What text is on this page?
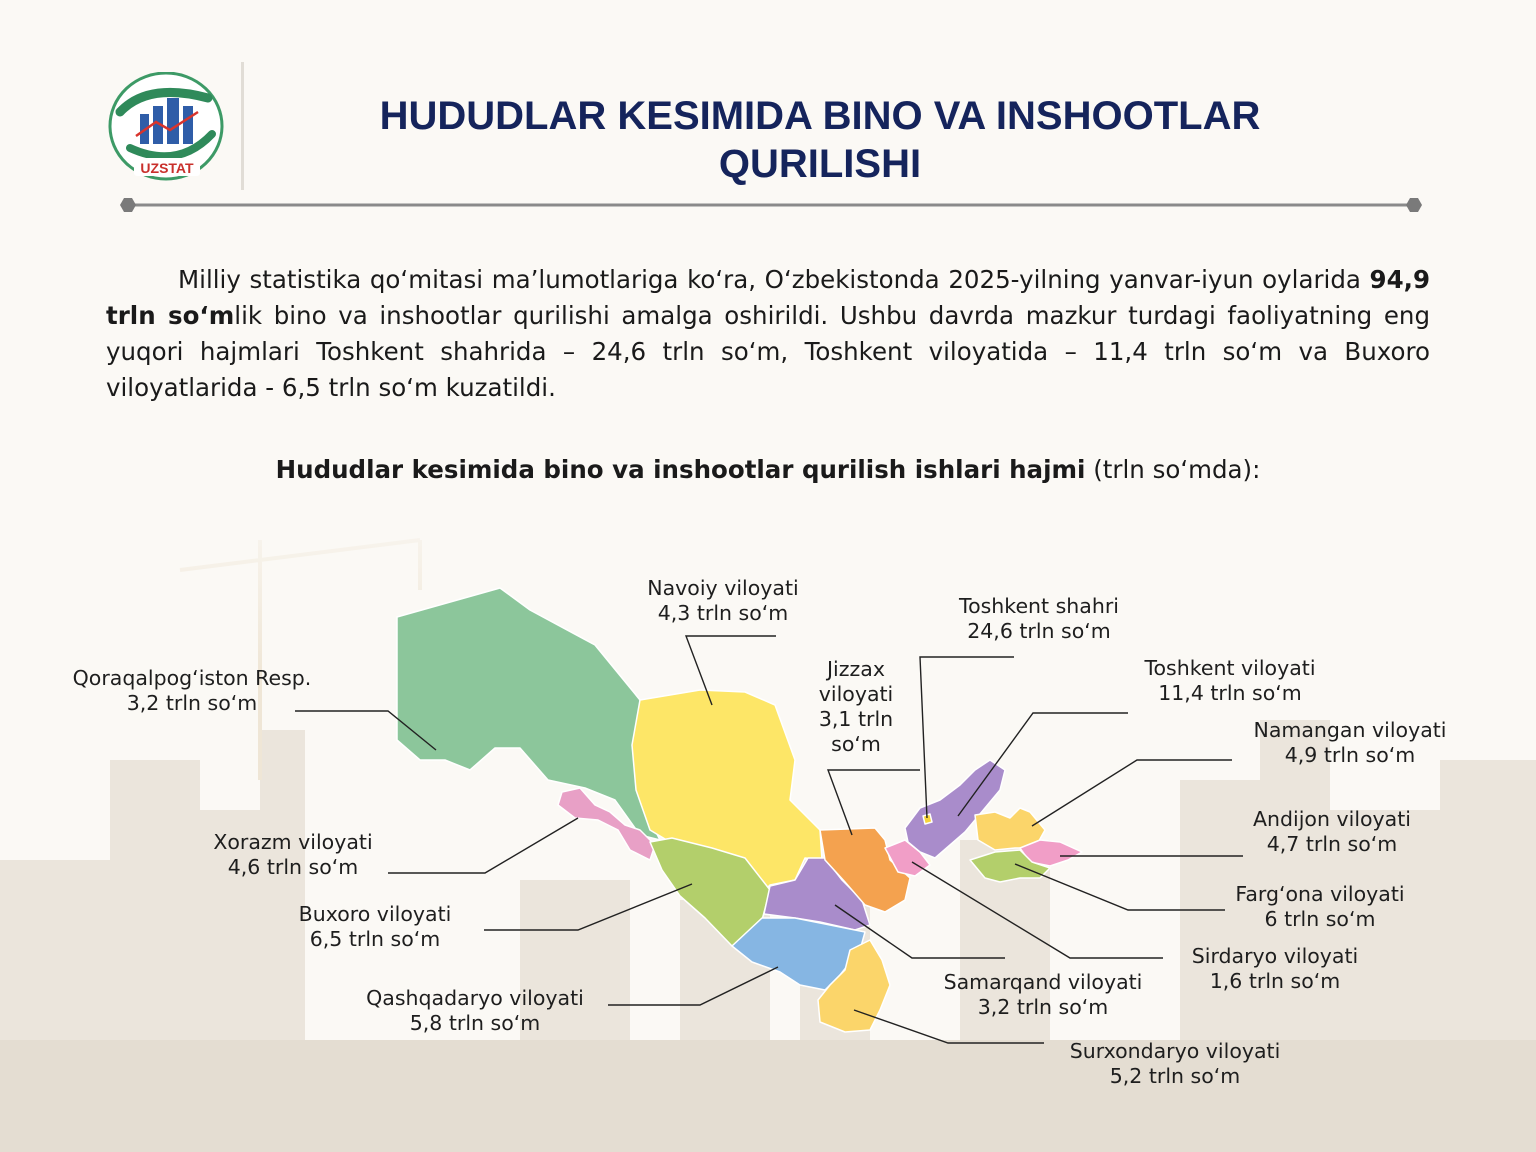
UZSTAT
HUDUDLAR KESIMIDA BINO VA INSHOOTLAR QURILISHI

Milliy statistika qo‘mitasi ma’lumotlariga ko‘ra, O‘zbekistonda 2025-yilning yanvar-iyun oylarida 94,9 trln so‘mlik bino va inshootlar qurilishi amalga oshirildi. Ushbu davrda mazkur turdagi faoliyatning eng yuqori hajmlari Toshkent shahrida – 24,6 trln so‘m, Toshkent viloyatida – 11,4 trln so‘m va Buxoro viloyatlarida - 6,5 trln so‘m kuzatildi.

Hududlar kesimida bino va inshootlar qurilish ishlari hajmi (trln so‘mda):
Qoraqalpog‘iston Resp.
3,2 trln so‘m
Navoiy viloyati
4,3 trln so‘m
Jizzax
viloyati
3,1 trln
so‘m
Toshkent shahri
24,6 trln so‘m
Toshkent viloyati
11,4 trln so‘m
Namangan viloyati
4,9 trln so‘m
Andijon viloyati
4,7 trln so‘m
Farg‘ona viloyati
6 trln so‘m
Sirdaryo viloyati
1,6 trln so‘m
Samarqand viloyati
3,2 trln so‘m
Surxondaryo viloyati
5,2 trln so‘m
Qashqadaryo viloyati
5,8 trln so‘m
Buxoro viloyati
6,5 trln so‘m
Xorazm viloyati
4,6 trln so‘m
